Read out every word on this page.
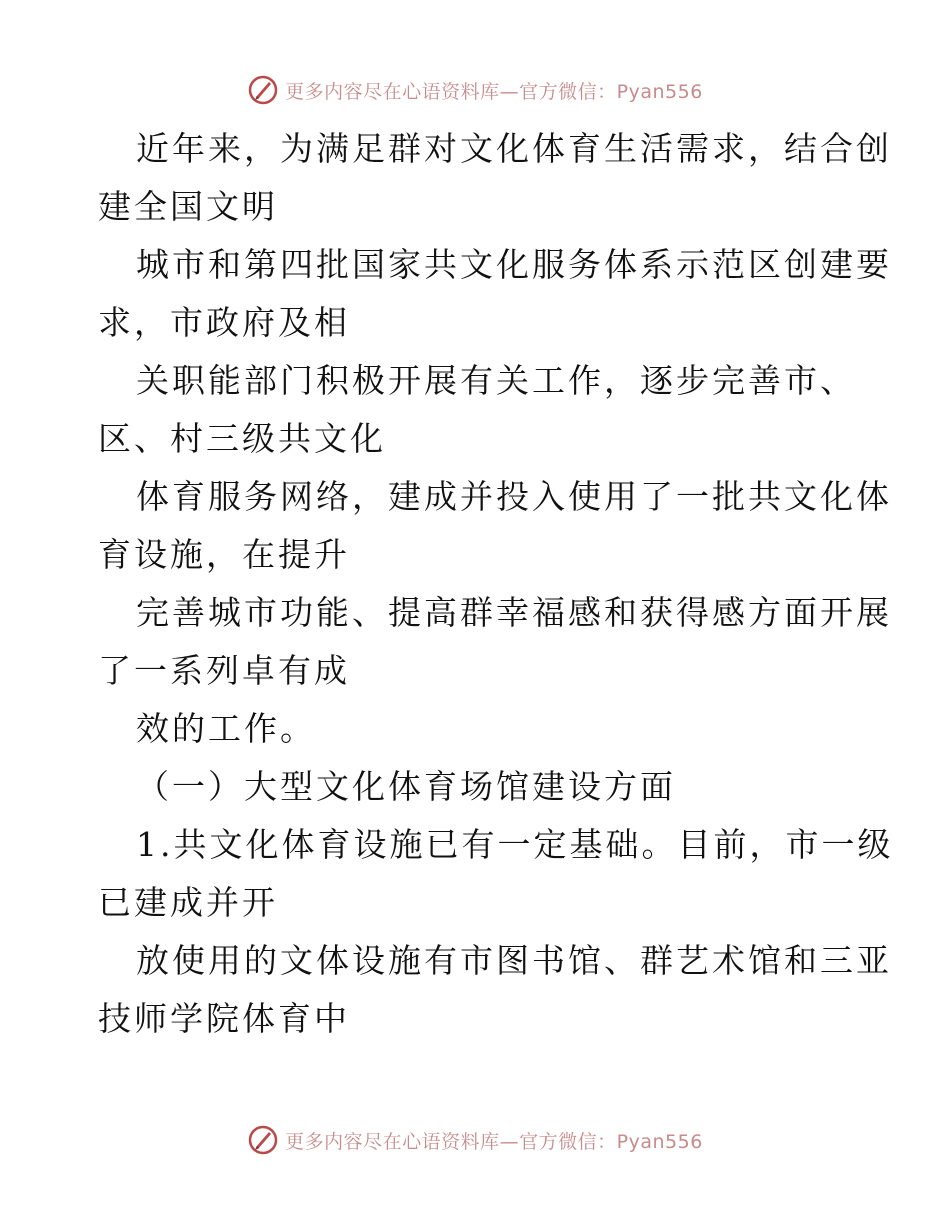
更多内容尽在心语资料库—官方微信：Pyan556
近年来，为满足群对文化体育生活需求，结合创
建全国文明
城市和第四批国家共文化服务体系示范区创建要
求，市政府及相
关职能部门积极开展有关工作，逐步完善市、
区、村三级共文化
体育服务网络，建成并投入使用了一批共文化体
育设施，在提升
完善城市功能、提高群幸福感和获得感方面开展
了一系列卓有成
效的工作。
（一）大型文化体育场馆建设方面
1.共文化体育设施已有一定基础。目前，市一级
已建成并开
放使用的文体设施有市图书馆、群艺术馆和三亚
技师学院体育中
更多内容尽在心语资料库—官方微信：Pyan556
